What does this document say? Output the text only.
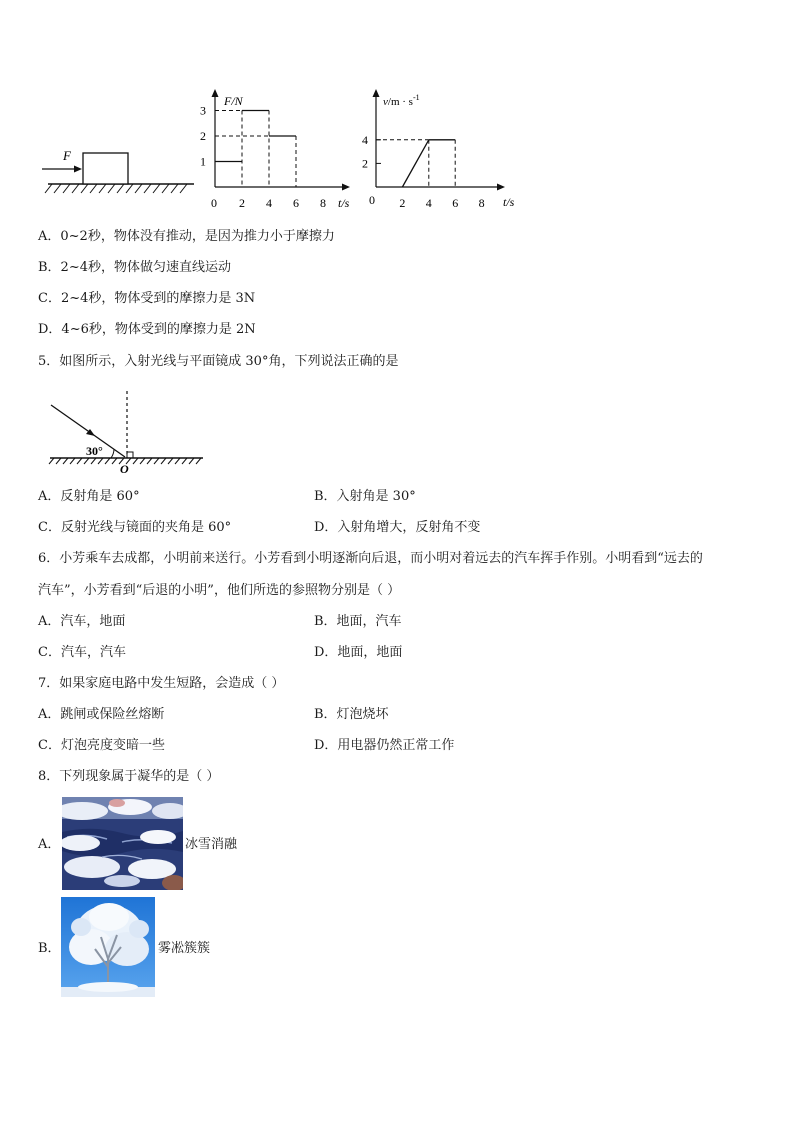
F
F/N
t/s
0 2 4 6 8
1
2
3
$v/m \cdot s^{-1}$
t/s
0 2 4 6 8
2
4
A．0~2秒，物体没有推动，是因为推力小于摩擦力
B．2~4秒，物体做匀速直线运动
C．2~4秒，物体受到的摩擦力是 3N
D．4~6秒，物体受到的摩擦力是 2N
5．如图所示，入射光线与平面镜成 30°角，下列说法正确的是
30°
O
A．反射角是 60°	B．入射角是 30°
C．反射光线与镜面的夹角是 60°	D．入射角增大，反射角不变
6．小芳乘车去成都，小明前来送行。小芳看到小明逐渐向后退，而小明对着远去的汽车挥手作别。小明看到“远去的
汽车”，小芳看到“后退的小明”，他们所选的参照物分别是（ ）
A．汽车，地面	B．地面，汽车
C．汽车，汽车	D．地面，地面
7．如果家庭电路中发生短路，会造成（ ）
A．跳闸或保险丝熔断	B．灯泡烧坏
C．灯泡亮度变暗一些	D．用电器仍然正常工作
8．下列现象属于凝华的是（ ）
A．	冰雪消融
B．	雾凇簇簇
